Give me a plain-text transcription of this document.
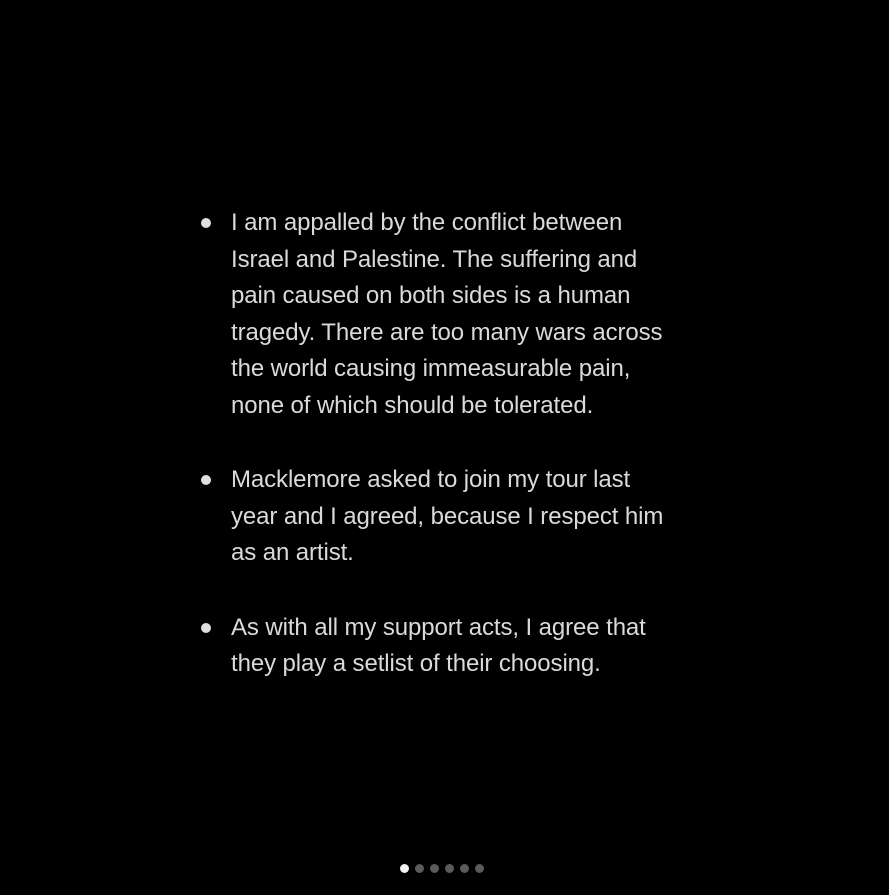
I am appalled by the conflict between
Israel and Palestine. The suffering and
pain caused on both sides is a human
tragedy. There are too many wars across
the world causing immeasurable pain,
none of which should be tolerated.
Macklemore asked to join my tour last
year and I agreed, because I respect him
as an artist.
As with all my support acts, I agree that
they play a setlist of their choosing.
